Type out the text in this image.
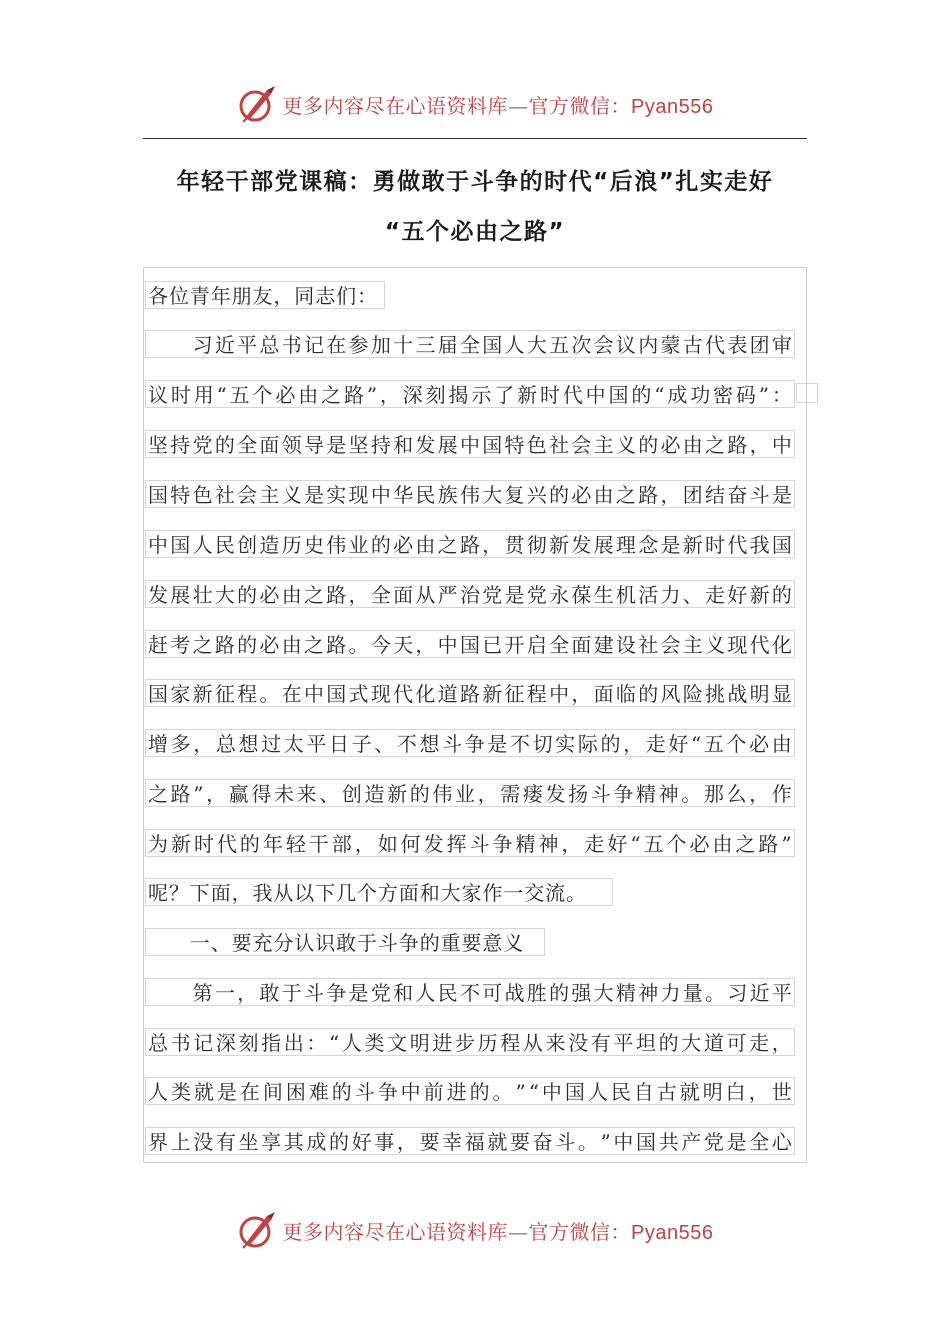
更多内容尽在心语资料库—官方微信：Pyan556
年轻干部党课稿：勇做敢于斗争的时代“后浪”扎实走好
“五个必由之路”
各位青年朋友，同志们：

习 近 平 总 书 记 在 参 加 十 三 届 全 国 人 大 五 次 会 议 内 蒙 古 代 表 团 审
议 时 用 “ 五 个 必 由 之 路 ” ， 深 刻 揭 示 了 新 时 代 中 国 的 “ 成 功 密 码 ” ：
坚 持 党 的 全 面 领 导 是 坚 持 和 发 展 中 国 特 色 社 会 主 义 的 必 由 之 路 ， 中
国 特 色 社 会 主 义 是 实 现 中 华 民 族 伟 大 复 兴 的 必 由 之 路 ， 团 结 奋 斗 是
中 国 人 民 创 造 历 史 伟 业 的 必 由 之 路 ， 贯 彻 新 发 展 理 念 是 新 时 代 我 国
发 展 壮 大 的 必 由 之 路 ， 全 面 从 严 治 党 是 党 永 葆 生 机 活 力 、 走 好 新 的
赶 考 之 路 的 必 由 之 路 。 今 天 ， 中 国 已 开 启 全 面 建 设 社 会 主 义 现 代 化
国 家 新 征 程 。 在 中 国 式 现 代 化 道 路 新 征 程 中 ， 面 临 的 风 险 挑 战 明 显
增 多 ， 总 想 过 太 平 日 子 、 不 想 斗 争 是 不 切 实 际 的 ， 走 好 “ 五 个 必 由
之 路 ” ， 赢 得 未 来 、 创 造 新 的 伟 业 ， 需 瘘 发 扬 斗 争 精 神 。 那 么 ， 作
为 新 时 代 的 年 轻 干 部 ， 如 何 发 挥 斗 争 精 神 ， 走 好 “ 五 个 必 由 之 路 ”
呢？下面，我从以下几个方面和大家作一交流。
　　一、要充分认识敢于斗争的重要意义

第 一 ， 敢 于 斗 争 是 党 和 人 民 不 可 战 胜 的 强 大 精 神 力 量 。 习 近 平
总 书 记 深 刻 指 出 ： “ 人 类 文 明 进 步 历 程 从 来 没 有 平 坦 的 大 道 可 走 ，
人 类 就 是 在 间 困 难 的 斗 争 中 前 进 的 。 ” “ 中 国 人 民 自 古 就 明 白 ， 世
界 上 没 有 坐 享 其 成 的 好 事 ， 要 幸 福 就 要 奋 斗 。 ” 中 国 共 产 党 是 全 心
更多内容尽在心语资料库—官方微信：Pyan556
